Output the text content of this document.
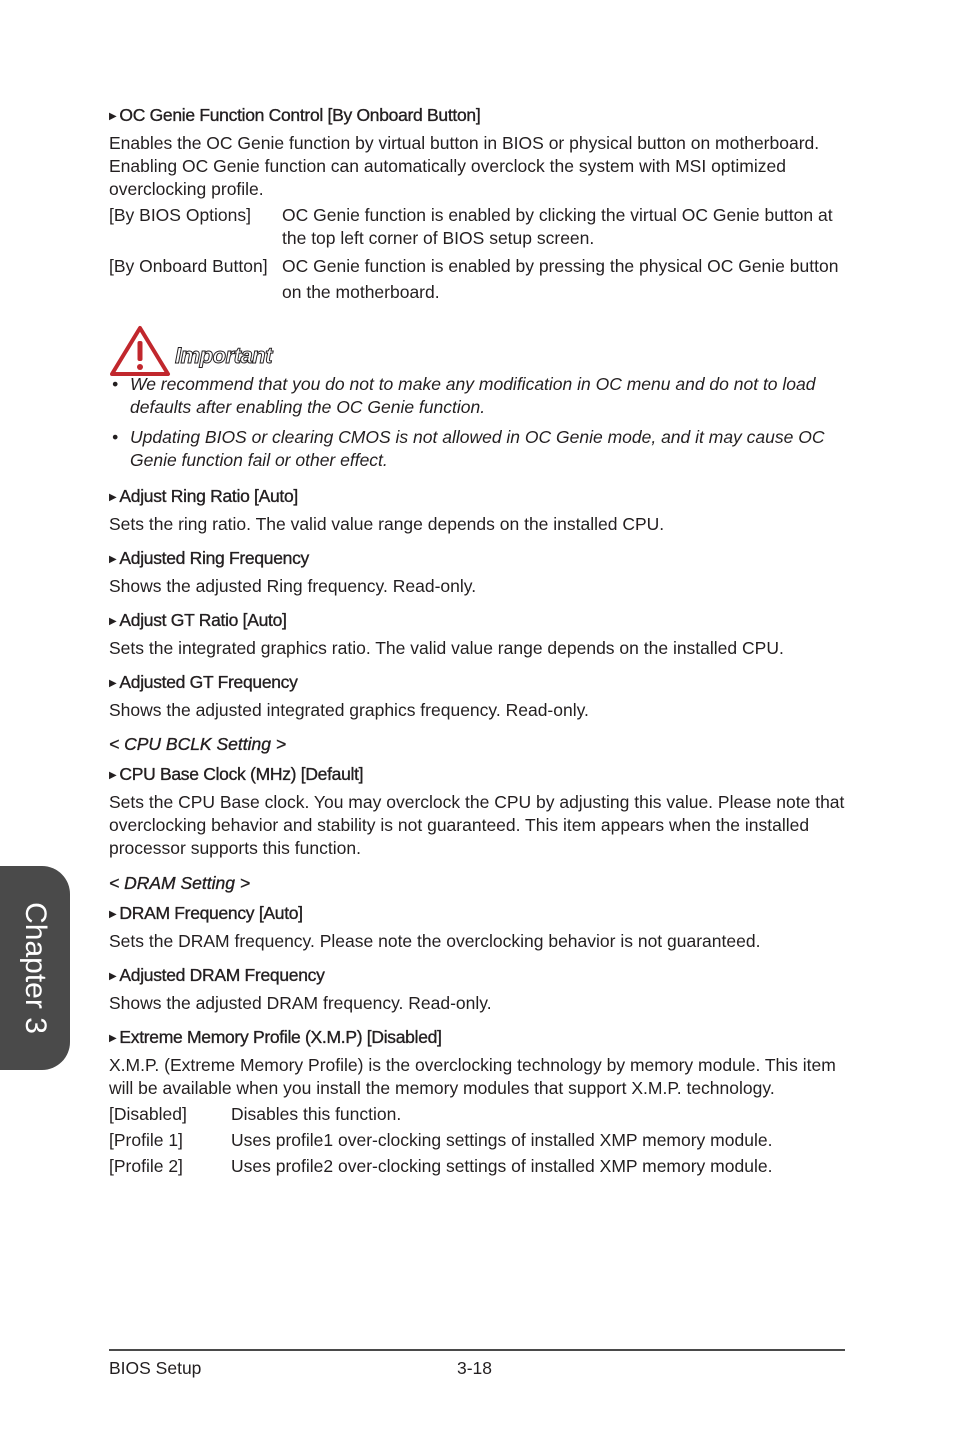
▶ OC Genie Function Control [By Onboard Button]

Enables the OC Genie function by virtual button in BIOS or physical button on motherboard. Enabling OC Genie function can automatically overclock the system with MSI optimized overclocking profile.

[By BIOS Options]	OC Genie function is enabled by clicking the virtual OC Genie button at the top left corner of BIOS setup screen.
[By Onboard Button] OC Genie function is enabled by pressing the physical OC Genie button on the motherboard.
Important
• We recommend that you do not to make any modification in OC menu and do not to load defaults after enabling the OC Genie function.
• Updating BIOS or clearing CMOS is not allowed in OC Genie mode, and it may cause OC Genie function fail or other effect.

▶ Adjust Ring Ratio [Auto]

Sets the ring ratio. The valid value range depends on the installed CPU.

▶ Adjusted Ring Frequency

Shows the adjusted Ring frequency. Read-only.

▶ Adjust GT Ratio [Auto]

Sets the integrated graphics ratio. The valid value range depends on the installed CPU.

▶ Adjusted GT Frequency

Shows the adjusted integrated graphics frequency. Read-only.

< CPU BCLK Setting >

▶ CPU Base Clock (MHz) [Default]

Sets the CPU Base clock. You may overclock the CPU by adjusting this value. Please note that overclocking behavior and stability is not guaranteed. This item appears when the installed processor supports this function.

< DRAM Setting >

▶ DRAM Frequency [Auto]

Sets the DRAM frequency. Please note the overclocking behavior is not guaranteed.

▶ Adjusted DRAM Frequency

Shows the adjusted DRAM frequency. Read-only.

▶ Extreme Memory Profile (X.M.P) [Disabled]

X.M.P. (Extreme Memory Profile) is the overclocking technology by memory module. This item will be available when you install the memory modules that support X.M.P. technology.

[Disabled]	Disables this function.
[Profile 1]	Uses profile1 over-clocking settings of installed XMP memory module.
[Profile 2]	Uses profile2 over-clocking settings of installed XMP memory module.
Chapter 3
BIOS Setup	3-18
